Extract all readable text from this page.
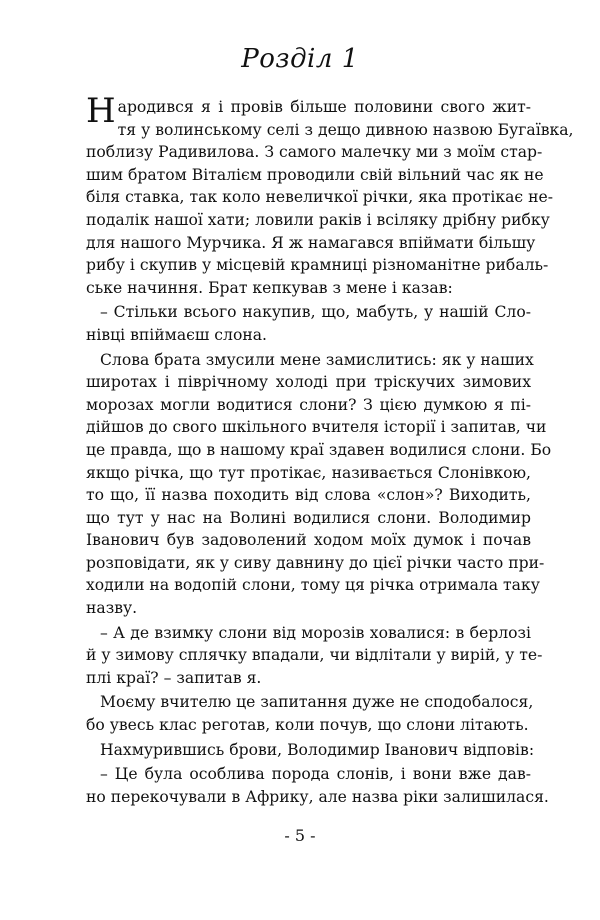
Розділ 1
Н ародився я і провів більше половини свого жит-
тя у волинському селі з дещо дивною назвою Бугаївка,
поблизу Радивилова. З самого малечку ми з моїм стар-
шим братом Віталієм проводили свій вільний час як не
біля ставка, так коло невеличкої річки, яка протікає не-
подалік нашої хати; ловили раків і всіляку дрібну рибку
для нашого Мурчика. Я ж намагався впіймати більшу
рибу і скупив у місцевій крамниці різноманітне рибаль-
ське начиння. Брат кепкував з мене і казав:
– Стільки всього накупив, що, мабуть, у нашій Сло-
нівці впіймаєш слона.
Слова брата змусили мене замислитись: як у наших
широтах і піврічному холоді при тріскучих зимових
морозах могли водитися слони? З цією думкою я пі-
дійшов до свого шкільного вчителя історії і запитав, чи
це правда, що в нашому краї здавен водилися слони. Бо
якщо річка, що тут протікає, називається Слонівкою,
то що, її назва походить від слова «слон»? Виходить,
що тут у нас на Волині водилися слони. Володимир
Іванович був задоволений ходом моїх думок і почав
розповідати, як у сиву давнину до цієї річки часто при-
ходили на водопій слони, тому ця річка отримала таку
назву.
– А де взимку слони від морозів ховалися: в берлозі
й у зимову сплячку впадали, чи відлітали у вирій, у те-
плі краї? – запитав я.
Моєму вчителю це запитання дуже не сподобалося,
бо увесь клас реготав, коли почув, що слони літають.
Нахмурившись брови, Володимир Іванович відповів:
– Це була особлива порода слонів, і вони вже дав-
но перекочували в Африку, але назва ріки залишилася.
- 5 -
